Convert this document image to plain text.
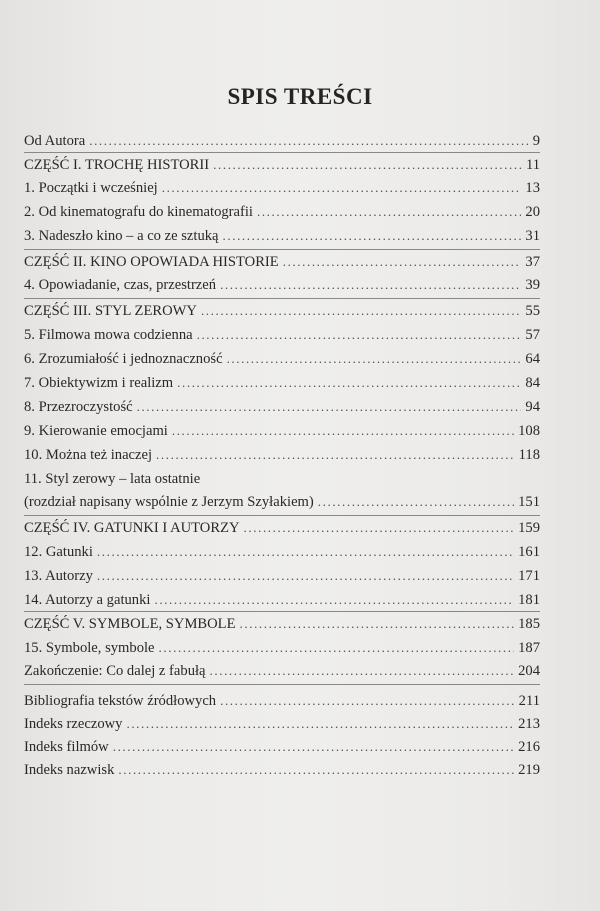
SPIS TREŚCI
Od Autora .....	9
CZĘŚĆ I. TROCHĘ HISTORII .....	11
1. Początki i wcześniej .....	13
2. Od kinematografu do kinematografii .....	20
3. Nadeszło kino – a co ze sztuką .....	31
CZĘŚĆ II. KINO OPOWIADA HISTORIE .....	37
4. Opowiadanie, czas, przestrzeń .....	39
CZĘŚĆ III. STYL ZEROWY .....	55
5. Filmowa mowa codzienna .....	57
6. Zrozumiałość i jednoznaczność .....	64
7. Obiektywizm i realizm .....	84
8. Przezroczystość .....	94
9. Kierowanie emocjami .....	108
10. Można też inaczej .....	118
11. Styl zerowy – lata ostatnie
(rozdział napisany wspólnie z Jerzym Szyłakiem) .....	151
CZĘŚĆ IV. GATUNKI I AUTORZY .....	159
12. Gatunki .....	161
13. Autorzy .....	171
14. Autorzy a gatunki .....	181
CZĘŚĆ V. SYMBOLE, SYMBOLE .....	185
15. Symbole, symbole .....	187
Zakończenie: Co dalej z fabułą .....	204
Bibliografia tekstów źródłowych .....	211
Indeks rzeczowy .....	213
Indeks filmów .....	216
Indeks nazwisk .....	219
